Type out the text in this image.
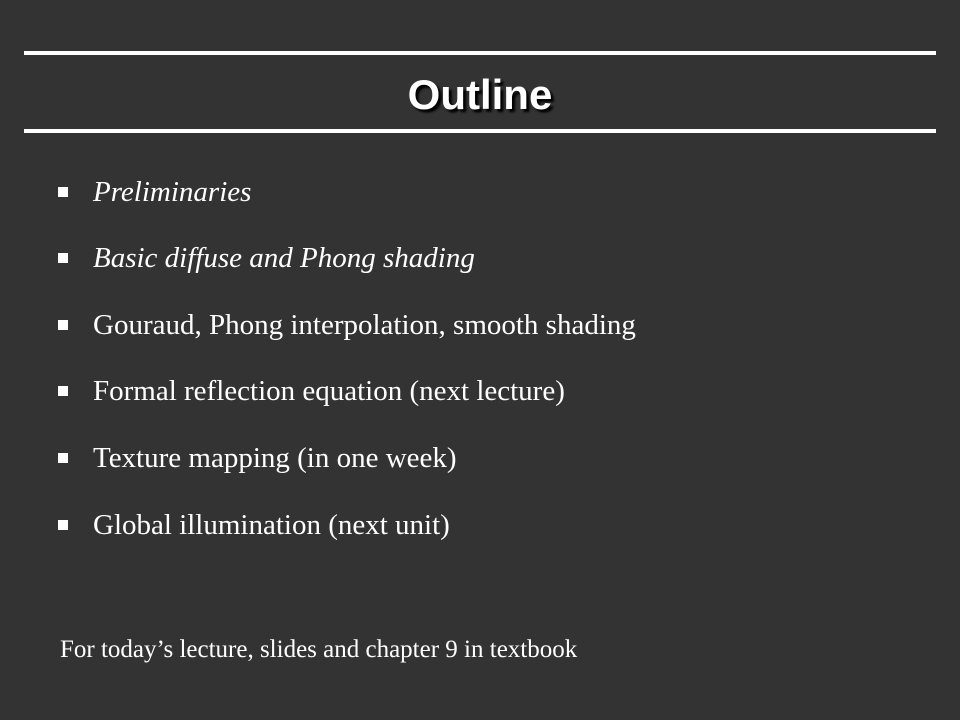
Outline
Preliminaries
Basic diffuse and Phong shading
Gouraud, Phong interpolation, smooth shading
Formal reflection equation (next lecture)
Texture mapping (in one week)
Global illumination (next unit)
For today’s lecture, slides and chapter 9 in textbook
